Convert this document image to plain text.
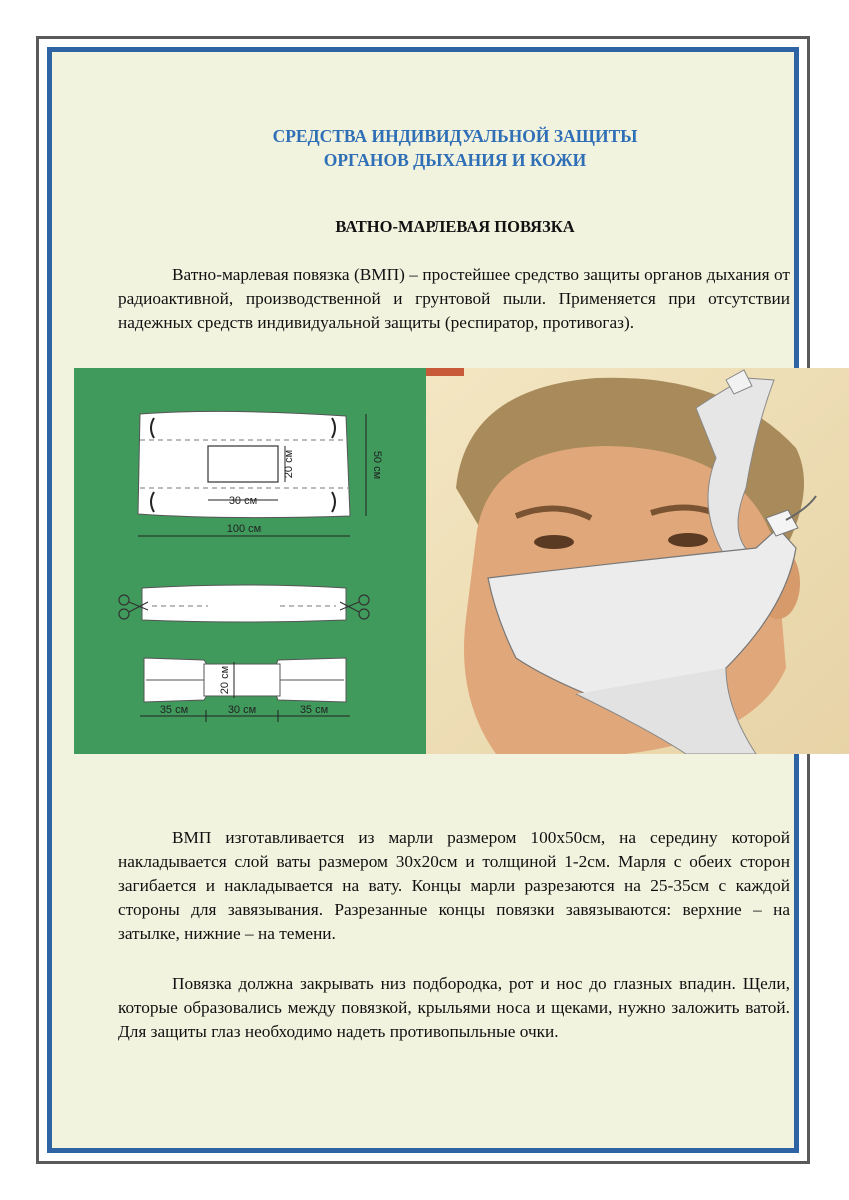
СРЕДСТВА ИНДИВИДУАЛЬНОЙ ЗАЩИТЫ
ОРГАНОВ ДЫХАНИЯ И КОЖИ
ВАТНО-МАРЛЕВАЯ ПОВЯЗКА

Ватно-марлевая повязка (ВМП) – простейшее средство защиты органов дыхания от радиоактивной, производственной и грунтовой пыли. Применяется при отсутствии надежных средств индивидуальной защиты (респиратор, противогаз).

30 см
20 см	50 см
100 см
20 см
35 см	30 см	35 см

ВМП изготавливается из марли размером 100х50см, на середину которой накладывается слой ваты размером 30х20см и толщиной 1-2см. Марля с обеих сторон загибается и накладывается на вату. Концы марли разрезаются на 25-35см с каждой стороны для завязывания. Разрезанные концы повязки завязываются: верхние – на затылке, нижние – на темени.

Повязка должна закрывать низ подбородка, рот и нос до глазных впадин. Щели, которые образовались между повязкой, крыльями носа и щеками, нужно заложить ватой. Для защиты глаз необходимо надеть противопыльные очки.
